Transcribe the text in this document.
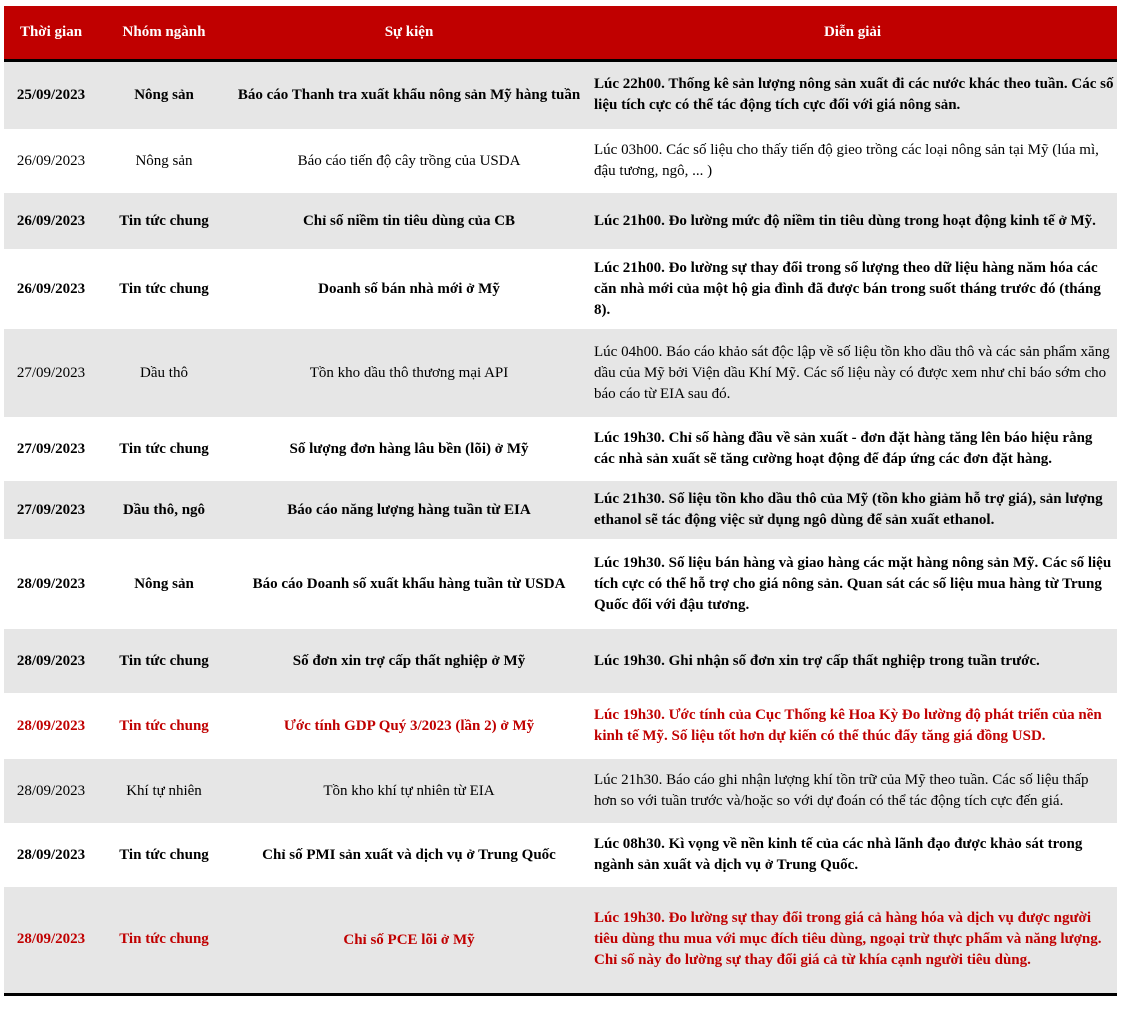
Thời gian	Nhóm ngành	Sự kiện	Diễn giải
25/09/2023	Nông sản	Báo cáo Thanh tra xuất khẩu nông sản Mỹ hàng tuần	Lúc 22h00. Thống kê sản lượng nông sản xuất đi các nước khác theo tuần. Các số liệu tích cực có thể tác động tích cực đối với giá nông sản.
26/09/2023	Nông sản	Báo cáo tiến độ cây trồng của USDA	Lúc 03h00. Các số liệu cho thấy tiến độ gieo trồng các loại nông sản tại Mỹ (lúa mì, đậu tương, ngô, ... )
26/09/2023	Tin tức chung	Chỉ số niềm tin tiêu dùng của CB	Lúc 21h00. Đo lường mức độ niềm tin tiêu dùng trong hoạt động kinh tế ở Mỹ.
26/09/2023	Tin tức chung	Doanh số bán nhà mới ở Mỹ	Lúc 21h00. Đo lường sự thay đổi trong số lượng theo dữ liệu hàng năm hóa các căn nhà mới của một hộ gia đình đã được bán trong suốt tháng trước đó (tháng 8).
27/09/2023	Dầu thô	Tồn kho dầu thô thương mại API	Lúc 04h00. Báo cáo khảo sát độc lập về số liệu tồn kho dầu thô và các sản phẩm xăng dầu của Mỹ bởi Viện dầu Khí Mỹ. Các số liệu này có được xem như chỉ báo sớm cho báo cáo từ EIA sau đó.
27/09/2023	Tin tức chung	Số lượng đơn hàng lâu bền (lõi) ở Mỹ	Lúc 19h30. Chỉ số hàng đầu về sản xuất - đơn đặt hàng tăng lên báo hiệu rằng các nhà sản xuất sẽ tăng cường hoạt động để đáp ứng các đơn đặt hàng.
27/09/2023	Dầu thô, ngô	Báo cáo năng lượng hàng tuần từ EIA	Lúc 21h30. Số liệu tồn kho dầu thô của Mỹ (tồn kho giảm hỗ trợ giá), sản lượng ethanol sẽ tác động việc sử dụng ngô dùng để sản xuất ethanol.
28/09/2023	Nông sản	Báo cáo Doanh số xuất khẩu hàng tuần từ USDA	Lúc 19h30. Số liệu bán hàng và giao hàng các mặt hàng nông sản Mỹ. Các số liệu tích cực có thể hỗ trợ cho giá nông sản. Quan sát các số liệu mua hàng từ Trung Quốc đối với đậu tương.
28/09/2023	Tin tức chung	Số đơn xin trợ cấp thất nghiệp ở Mỹ	Lúc 19h30. Ghi nhận số đơn xin trợ cấp thất nghiệp trong tuần trước.
28/09/2023	Tin tức chung	Ước tính GDP Quý 3/2023 (lần 2) ở Mỹ	Lúc 19h30. Ước tính của Cục Thống kê Hoa Kỳ Đo lường độ phát triển của nền kinh tế Mỹ. Số liệu tốt hơn dự kiến có thể thúc đẩy tăng giá đồng USD.
28/09/2023	Khí tự nhiên	Tồn kho khí tự nhiên từ EIA	Lúc 21h30. Báo cáo ghi nhận lượng khí tồn trữ của Mỹ theo tuần. Các số liệu thấp hơn so với tuần trước và/hoặc so với dự đoán có thể tác động tích cực đến giá.
28/09/2023	Tin tức chung	Chỉ số PMI sản xuất và dịch vụ ở Trung Quốc	Lúc 08h30. Kì vọng về nền kinh tế của các nhà lãnh đạo được khảo sát trong ngành sản xuất và dịch vụ ở Trung Quốc.
28/09/2023	Tin tức chung	Chỉ số PCE lõi ở Mỹ	Lúc 19h30. Đo lường sự thay đổi trong giá cả hàng hóa và dịch vụ được người tiêu dùng thu mua với mục đích tiêu dùng, ngoại trừ thực phẩm và năng lượng. Chỉ số này đo lường sự thay đổi giá cả từ khía cạnh người tiêu dùng.
